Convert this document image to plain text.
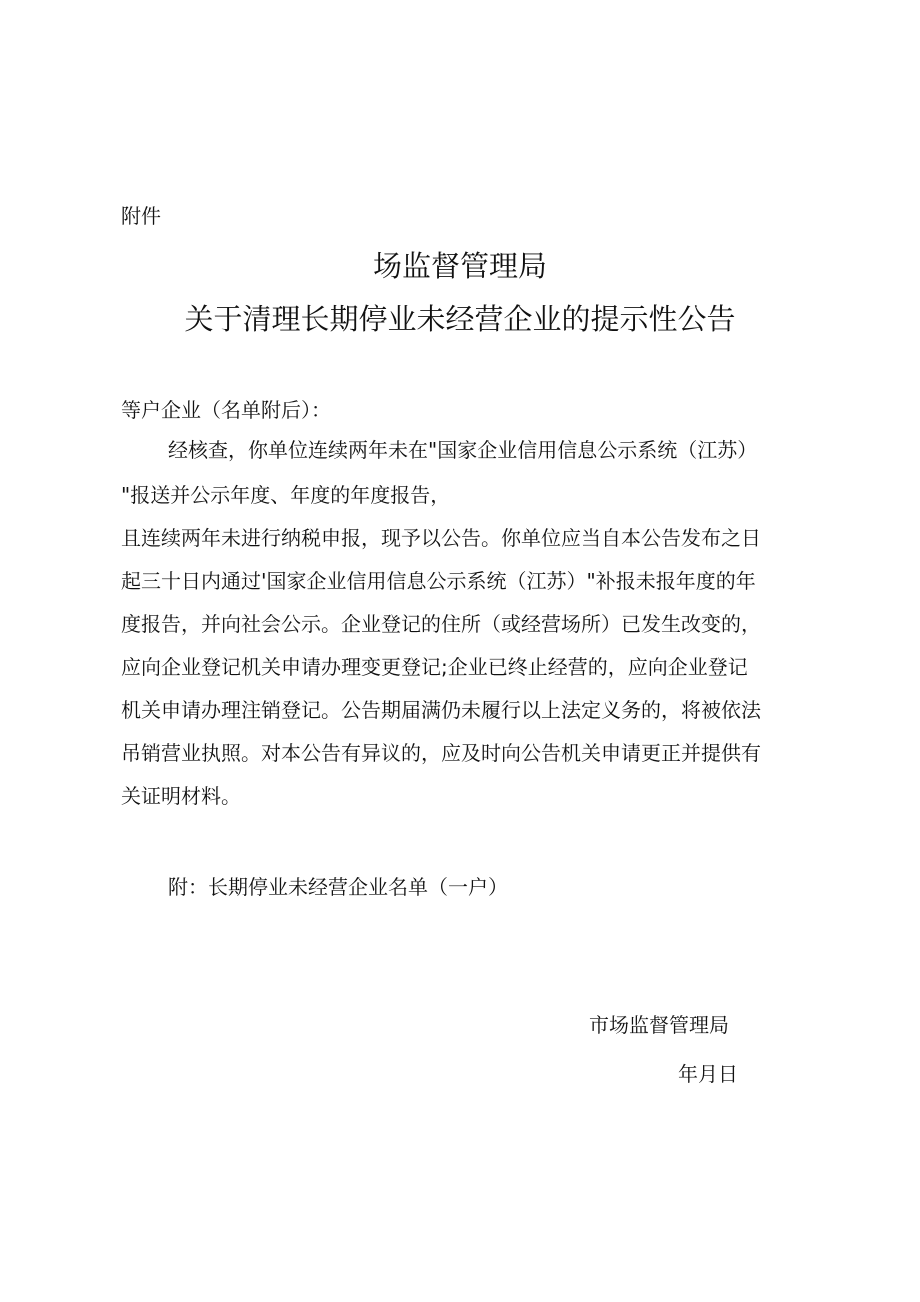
附件
场监督管理局
关于清理长期停业未经营企业的提示性公告
等户企业（名单附后）：
经核查，你单位连续两年未在"国家企业信用信息公示系统（江苏）
"报送并公示年度、年度的年度报告，
且连续两年未进行纳税申报，现予以公告。你单位应当自本公告发布之日
起三十日内通过'国家企业信用信息公示系统（江苏）"补报未报年度的年
度报告，并向社会公示。企业登记的住所（或经营场所）已发生改变的，
应向企业登记机关申请办理变更登记;企业已终止经营的，应向企业登记
机关申请办理注销登记。公告期届满仍未履行以上法定义务的，将被依法
吊销营业执照。对本公告有异议的，应及时向公告机关申请更正并提供有
关证明材料。
附：长期停业未经营企业名单（一户）
市场监督管理局
年月日
